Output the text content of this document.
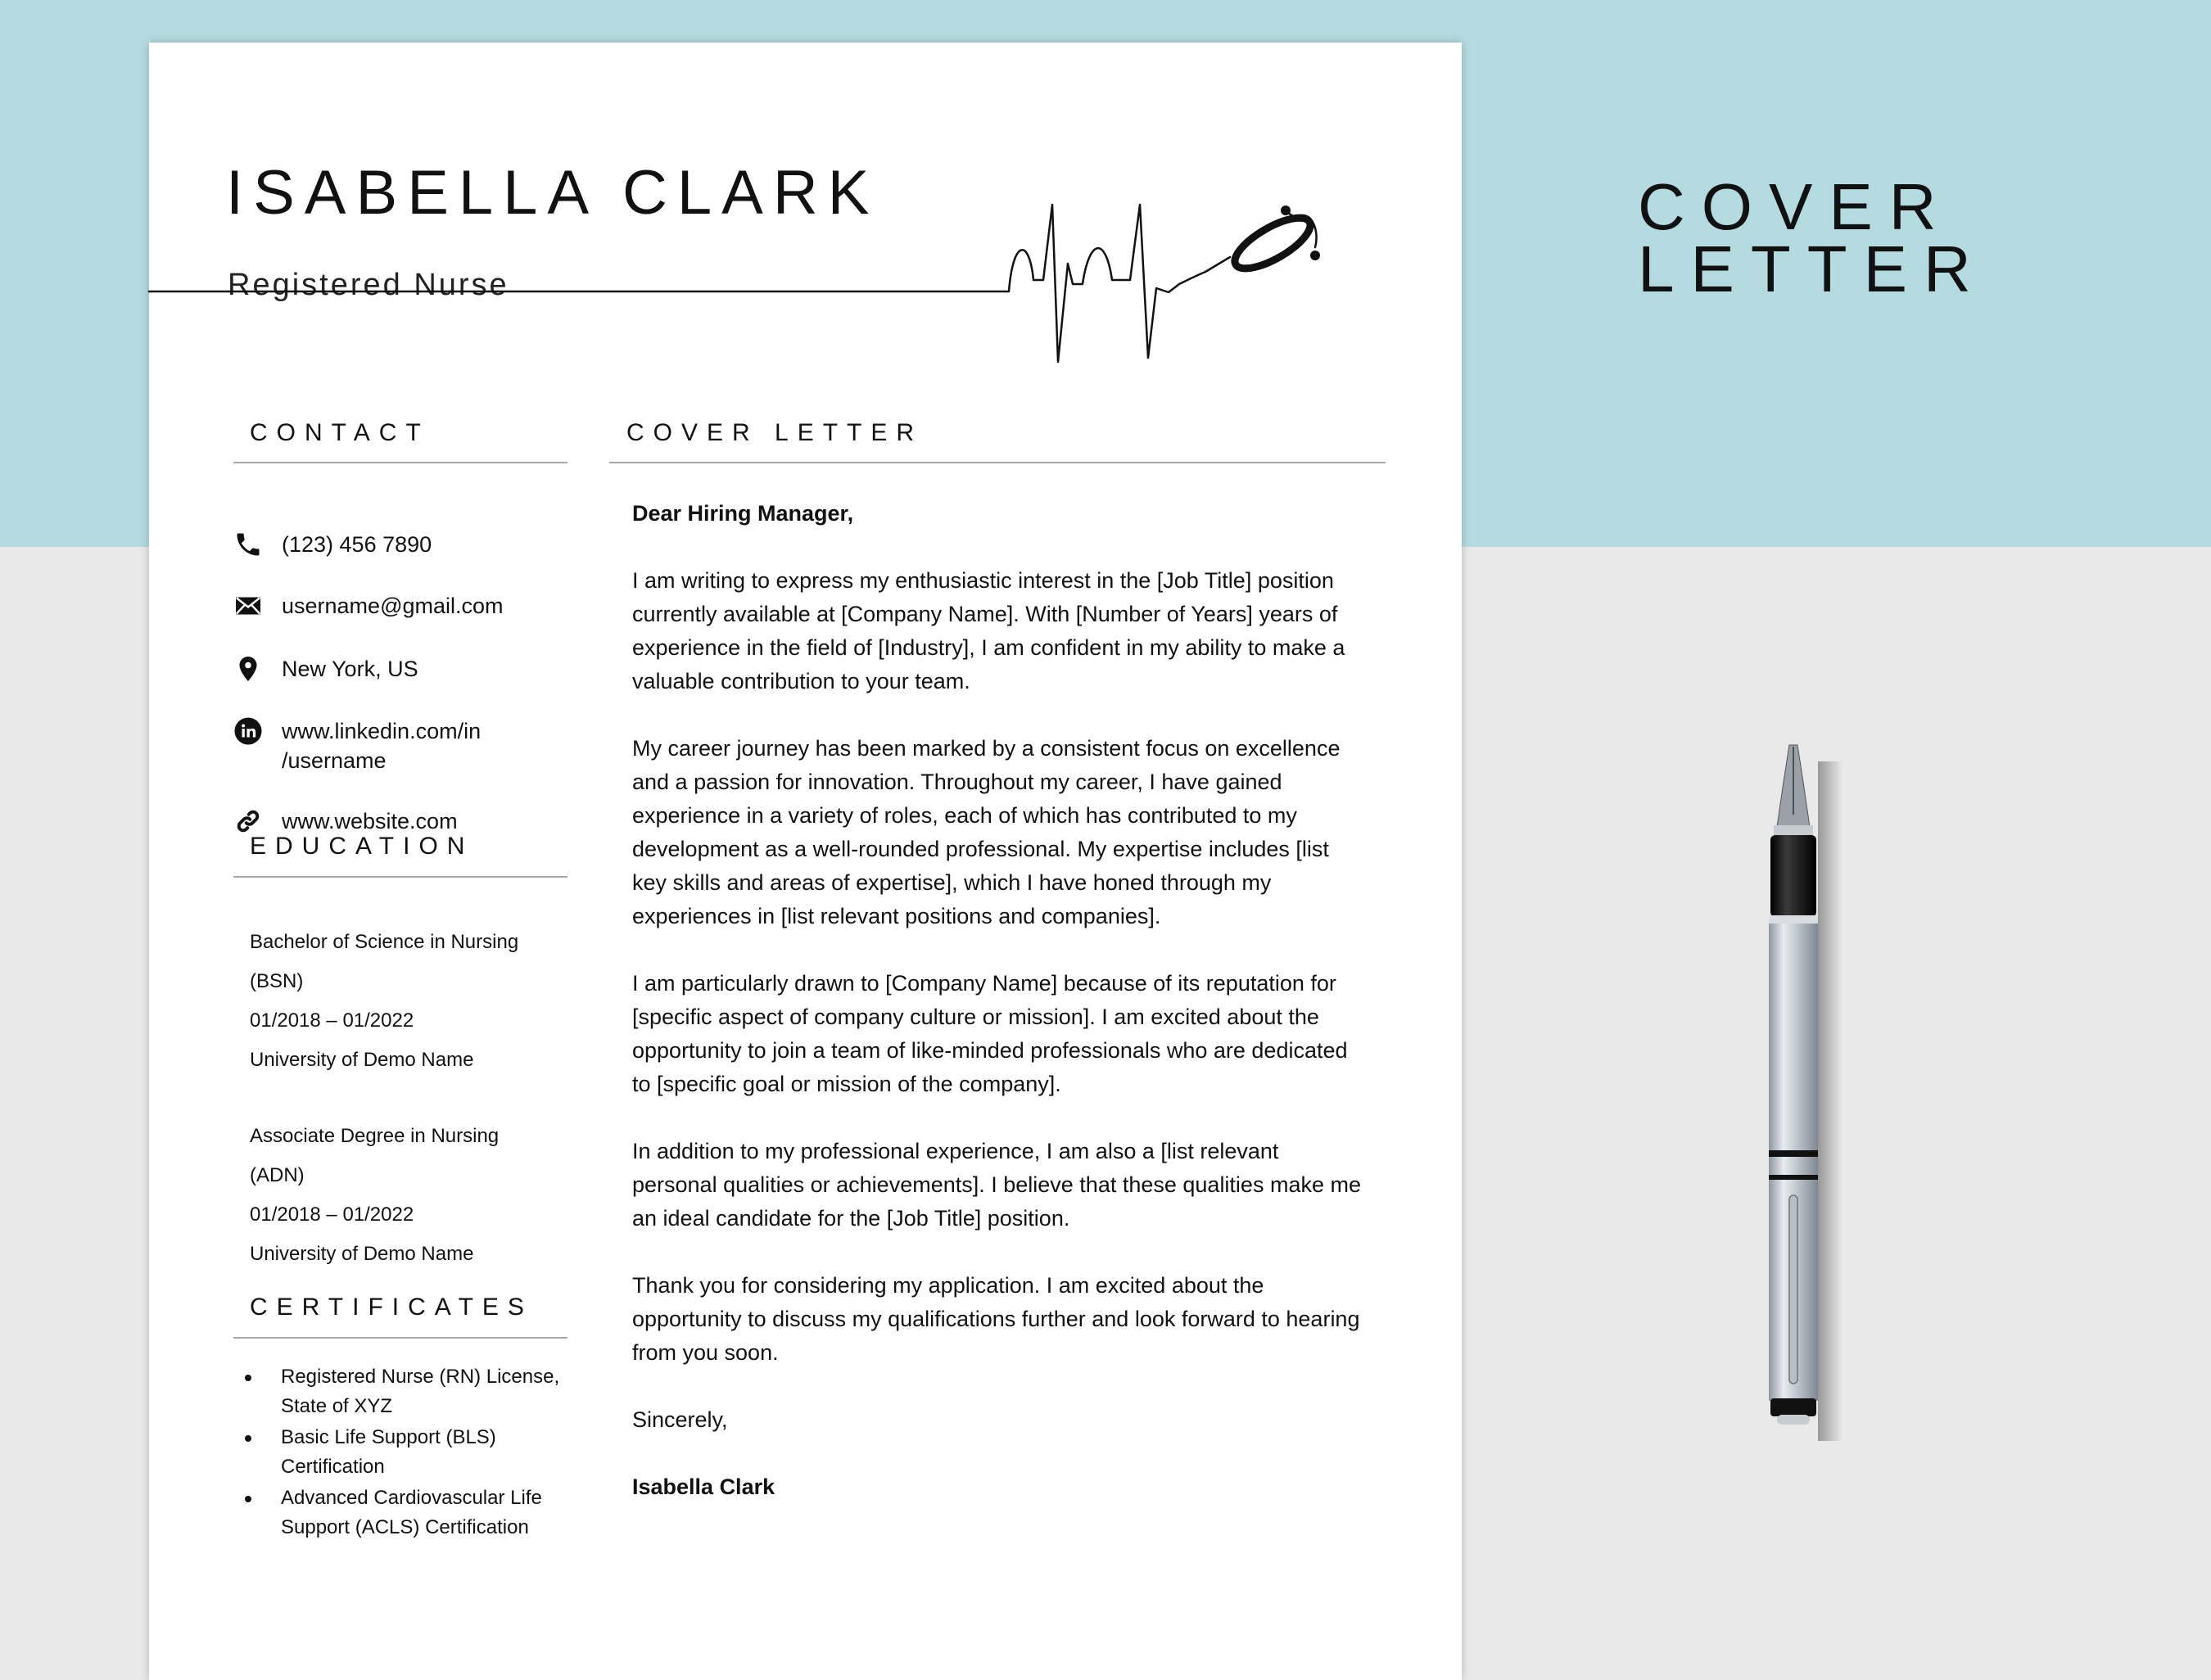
ISABELLA CLARK
Registered Nurse
CONTACT
(123) 456 7890
username@gmail.com
New York, US
www.linkedin.com/in
/username
www.website.com
EDUCATION
Bachelor of Science in Nursing
(BSN)
01/2018 – 01/2022
University of Demo Name
Associate Degree in Nursing
(ADN)
01/2018 – 01/2022
University of Demo Name
CERTIFICATES
Registered Nurse (RN) License, State of XYZ
Basic Life Support (BLS) Certification
Advanced Cardiovascular Life Support (ACLS) Certification
COVER LETTER

Dear Hiring Manager,

I am writing to express my enthusiastic interest in the [Job Title] position currently available at [Company Name]. With [Number of Years] years of experience in the field of [Industry], I am confident in my ability to make a valuable contribution to your team.

My career journey has been marked by a consistent focus on excellence and a passion for innovation. Throughout my career, I have gained experience in a variety of roles, each of which has contributed to my development as a well-rounded professional. My expertise includes [list key skills and areas of expertise], which I have honed through my experiences in [list relevant positions and companies].

I am particularly drawn to [Company Name] because of its reputation for [specific aspect of company culture or mission]. I am excited about the opportunity to join a team of like-minded professionals who are dedicated to [specific goal or mission of the company].

In addition to my professional experience, I am also a [list relevant personal qualities or achievements]. I believe that these qualities make me an ideal candidate for the [Job Title] position.

Thank you for considering my application. I am excited about the opportunity to discuss my qualifications further and look forward to hearing from you soon.

Sincerely,

Isabella Clark

COVER
LETTER
